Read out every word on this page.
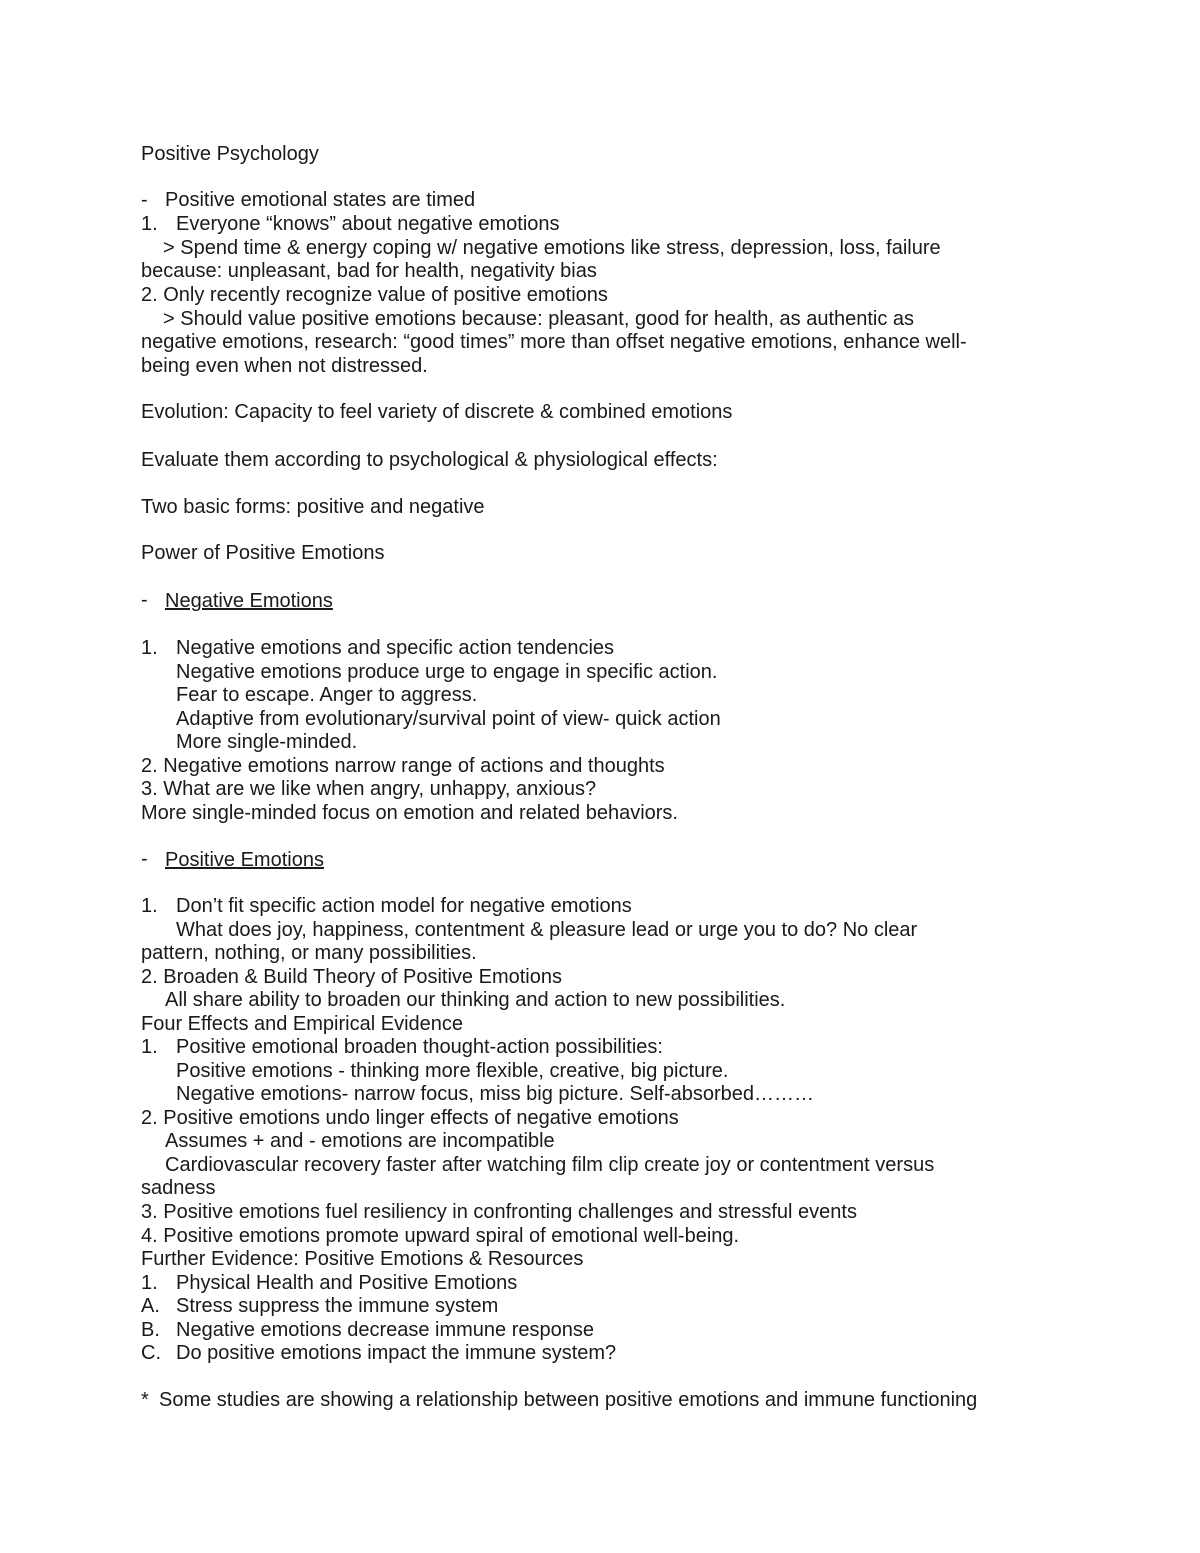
Positive Psychology
- Positive emotional states are timed
1. Everyone “knows” about negative emotions
> Spend time & energy coping w/ negative emotions like stress, depression, loss, failure
because: unpleasant, bad for health, negativity bias
2. Only recently recognize value of positive emotions
> Should value positive emotions because: pleasant, good for health, as authentic as
negative emotions, research: “good times” more than offset negative emotions, enhance well-
being even when not distressed.
Evolution: Capacity to feel variety of discrete & combined emotions
Evaluate them according to psychological & physiological effects:
Two basic forms: positive and negative
Power of Positive Emotions
- Negative Emotions
1. Negative emotions and specific action tendencies
Negative emotions produce urge to engage in specific action.
Fear to escape. Anger to aggress.
Adaptive from evolutionary/survival point of view- quick action
More single-minded.
2. Negative emotions narrow range of actions and thoughts
3. What are we like when angry, unhappy, anxious?
More single-minded focus on emotion and related behaviors.
- Positive Emotions
1. Don’t fit specific action model for negative emotions
What does joy, happiness, contentment & pleasure lead or urge you to do? No clear
pattern, nothing, or many possibilities.
2. Broaden & Build Theory of Positive Emotions
All share ability to broaden our thinking and action to new possibilities.
Four Effects and Empirical Evidence
1. Positive emotional broaden thought-action possibilities:
Positive emotions - thinking more flexible, creative, big picture.
Negative emotions- narrow focus, miss big picture. Self-absorbed………
2. Positive emotions undo linger effects of negative emotions
Assumes + and - emotions are incompatible
Cardiovascular recovery faster after watching film clip create joy or contentment versus
sadness
3. Positive emotions fuel resiliency in confronting challenges and stressful events
4. Positive emotions promote upward spiral of emotional well-being.
Further Evidence: Positive Emotions & Resources
1. Physical Health and Positive Emotions
A. Stress suppress the immune system
B. Negative emotions decrease immune response
C. Do positive emotions impact the immune system?
* Some studies are showing a relationship between positive emotions and immune functioning
